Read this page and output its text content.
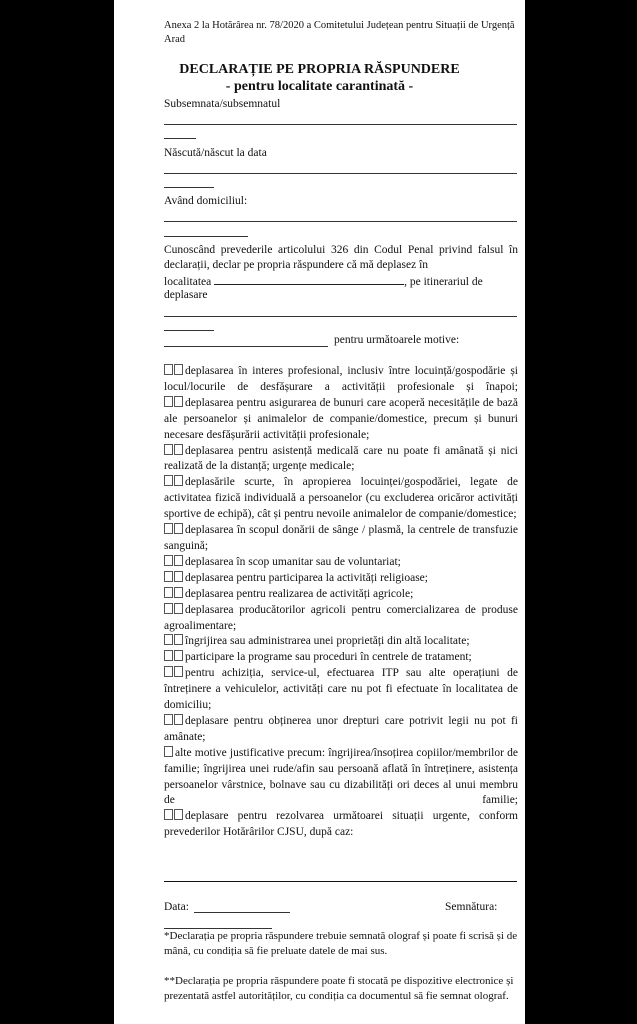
Anexa 2 la Hotărârea nr. 78/2020 a Comitetului Județean pentru Situații de Urgență Arad

DECLARAȚIE PE PROPRIA RĂSPUNDERE

- pentru localitate carantinată -

Subsemnata/subsemnatul

Născută/născut la data

Având domiciliul:

Cunoscând prevederile articolului 326 din Codul Penal privind falsul în declarații, declar pe propria răspundere că mă deplasez în

localitatea	, pe itinerariul de

deplasare

pentru următoarele motive:

deplasarea în interes profesional, inclusiv între locuință/gospodărie și locul/locurile de desfășurare a activității profesionale și înapoi;
deplasarea pentru asigurarea de bunuri care acoperă necesitățile de bază ale persoanelor și animalelor de companie/domestice, precum și bunuri necesare desfășurării activității profesionale;
deplasarea pentru asistență medicală care nu poate fi amânată și nici realizată de la distanță; urgențe medicale;
deplasările scurte, în apropierea locuinței/gospodăriei, legate de activitatea fizică individuală a persoanelor (cu excluderea oricăror activități sportive de echipă), cât și pentru nevoile animalelor de companie/domestice;
deplasarea în scopul donării de sânge / plasmă, la centrele de transfuzie sanguină;
deplasarea în scop umanitar sau de voluntariat;
deplasarea pentru participarea la activități religioase;
deplasarea pentru realizarea de activități agricole;
deplasarea producătorilor agricoli pentru comercializarea de produse agroalimentare;
îngrijirea sau administrarea unei proprietăți din altă localitate;
participare la programe sau proceduri în centrele de tratament;
pentru achiziția, service-ul, efectuarea ITP sau alte operațiuni de întreținere a vehiculelor, activități care nu pot fi efectuate în localitatea de domiciliu;
deplasare pentru obținerea unor drepturi care potrivit legii nu pot fi amânate;
alte motive justificative precum: îngrijirea/însoțirea copiilor/membrilor de familie; îngrijirea unei rude/afin sau persoană aflată în întreținere, asistența persoanelor vârstnice, bolnave sau cu dizabilități ori deces al unui membru de familie;
deplasare pentru rezolvarea următoarei situații urgente, conform prevederilor Hotărârilor CJSU, după caz:

Data:	Semnătura:

*Declarația pe propria răspundere trebuie semnată olograf și poate fi scrisă și de mână, cu condiția să fie preluate datele de mai sus.

**Declarația pe propria răspundere poate fi stocată pe dispozitive electronice și prezentată astfel autorităților, cu condiția ca documentul să fie semnat olograf.
